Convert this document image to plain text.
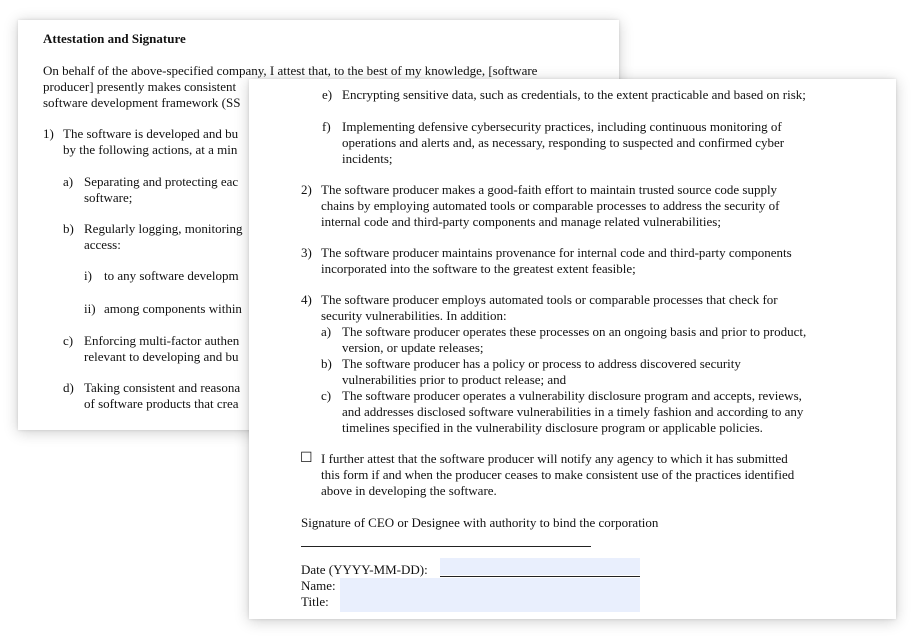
Attestation and Signature
On behalf of the above-specified company, I attest that, to the best of my knowledge, [software
producer] presently makes consistent
software development framework (SS
1) The software is developed and bu
by the following actions, at a min
a) Separating and protecting eac
software;
b) Regularly logging, monitoring
access:
i) to any software developm
ii) among components within
c) Enforcing multi-factor authen
relevant to developing and bu
d) Taking consistent and reasona
of software products that crea
e) Encrypting sensitive data, such as credentials, to the extent practicable and based on risk;
f) Implementing defensive cybersecurity practices, including continuous monitoring of
operations and alerts and, as necessary, responding to suspected and confirmed cyber
incidents;
2) The software producer makes a good-faith effort to maintain trusted source code supply
chains by employing automated tools or comparable processes to address the security of
internal code and third-party components and manage related vulnerabilities;
3) The software producer maintains provenance for internal code and third-party components
incorporated into the software to the greatest extent feasible;
4) The software producer employs automated tools or comparable processes that check for
security vulnerabilities. In addition:
a) The software producer operates these processes on an ongoing basis and prior to product,
version, or update releases;
b) The software producer has a policy or process to address discovered security
vulnerabilities prior to product release; and
c) The software producer operates a vulnerability disclosure program and accepts, reviews,
and addresses disclosed software vulnerabilities in a timely fashion and according to any
timelines specified in the vulnerability disclosure program or applicable policies.
☐ I further attest that the software producer will notify any agency to which it has submitted
this form if and when the producer ceases to make consistent use of the practices identified
above in developing the software.
Signature of CEO or Designee with authority to bind the corporation
Date (YYYY-MM-DD):
Name:
Title:
